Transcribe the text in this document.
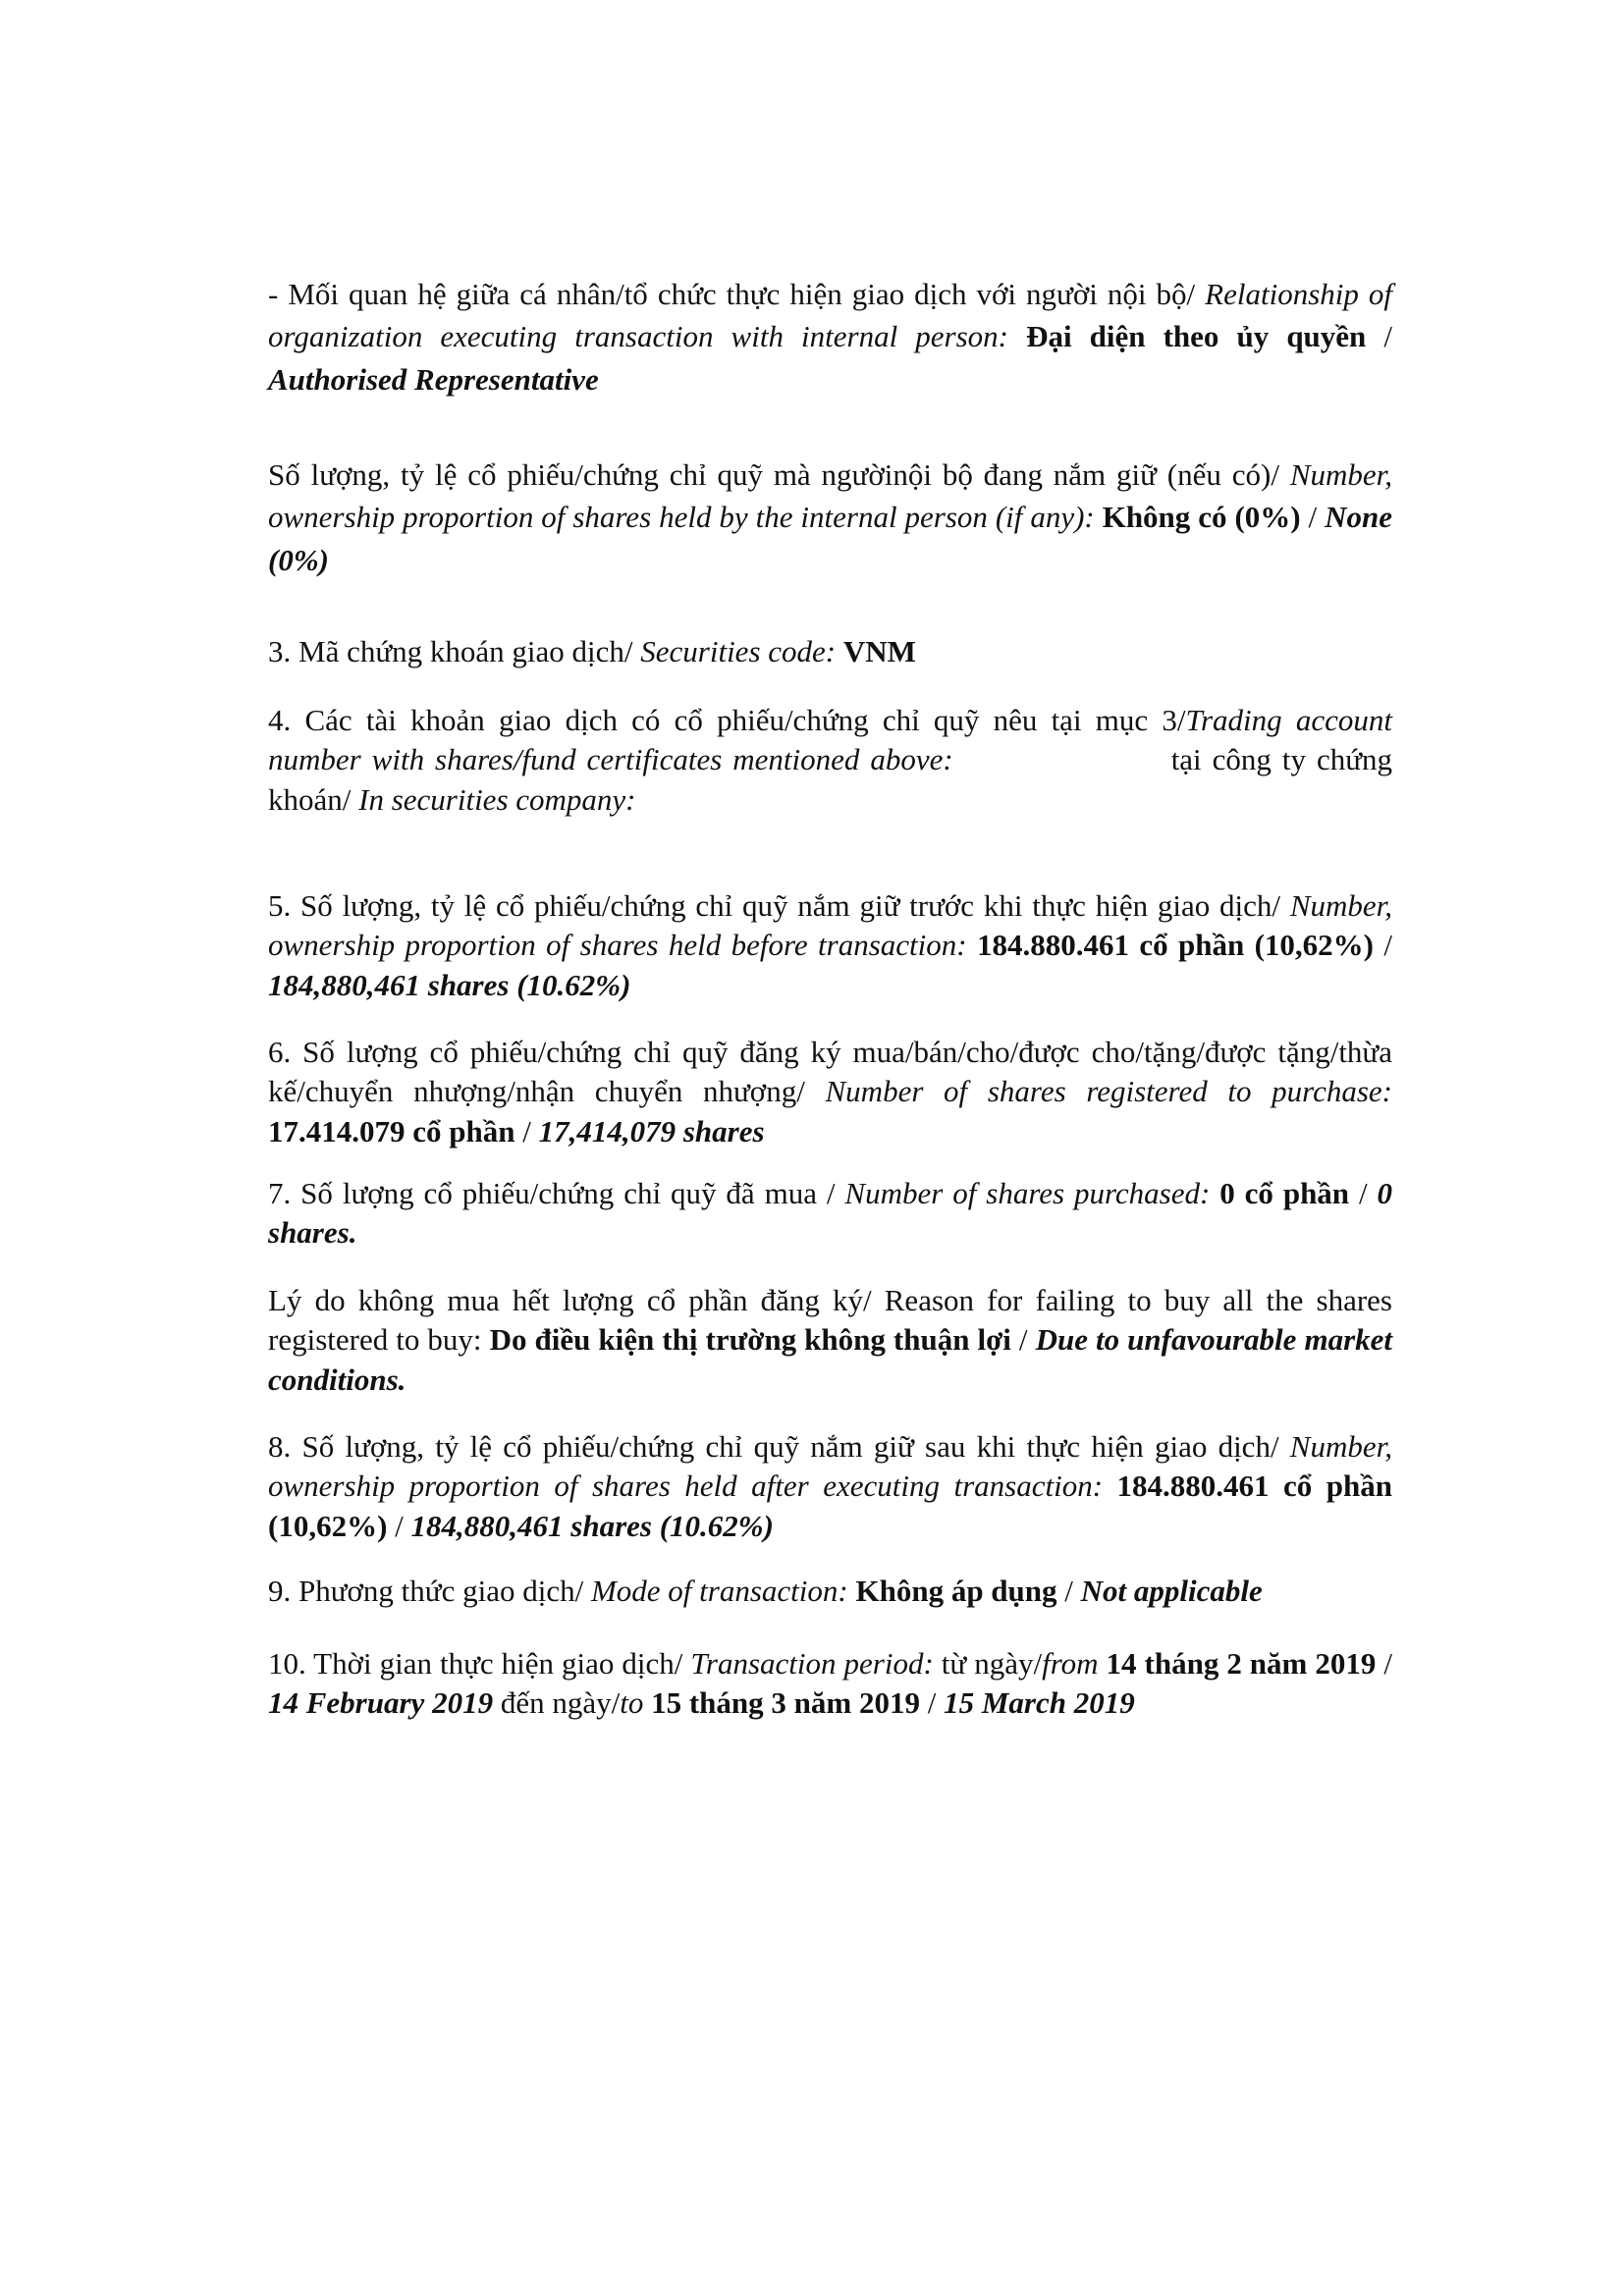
- Mối quan hệ giữa cá nhân/tổ chức thực hiện giao dịch với người nội bộ/ Relationship of organization executing transaction with internal person: Đại diện theo ủy quyền / Authorised Representative

Số lượng, tỷ lệ cổ phiếu/chứng chỉ quỹ mà ngườinội bộ đang nắm giữ (nếu có)/ Number, ownership proportion of shares held by the internal person (if any): Không có (0%) / None (0%)

3. Mã chứng khoán giao dịch/ Securities code: VNM

4. Các tài khoản giao dịch có cổ phiếu/chứng chỉ quỹ nêu tại mục 3/Trading account number with shares/fund certificates mentioned above:	tại công ty chứng khoán/ In securities company:

5. Số lượng, tỷ lệ cổ phiếu/chứng chỉ quỹ nắm giữ trước khi thực hiện giao dịch/ Number, ownership proportion of shares held before transaction: 184.880.461 cổ phần (10,62%) / 184,880,461 shares (10.62%)

6. Số lượng cổ phiếu/chứng chỉ quỹ đăng ký mua/bán/cho/được cho/tặng/được tặng/thừa kế/chuyển nhượng/nhận chuyển nhượng/ Number of shares registered to purchase: 17.414.079 cổ phần / 17,414,079 shares

7. Số lượng cổ phiếu/chứng chỉ quỹ đã mua / Number of shares purchased: 0 cổ phần / 0 shares.

Lý do không mua hết lượng cổ phần đăng ký/ Reason for failing to buy all the shares registered to buy: Do điều kiện thị trường không thuận lợi / Due to unfavourable market conditions.

8. Số lượng, tỷ lệ cổ phiếu/chứng chỉ quỹ nắm giữ sau khi thực hiện giao dịch/ Number, ownership proportion of shares held after executing transaction: 184.880.461 cổ phần (10,62%) / 184,880,461 shares (10.62%)

9. Phương thức giao dịch/ Mode of transaction: Không áp dụng / Not applicable

10. Thời gian thực hiện giao dịch/ Transaction period: từ ngày/from 14 tháng 2 năm 2019 / 14 February 2019 đến ngày/to 15 tháng 3 năm 2019 / 15 March 2019
